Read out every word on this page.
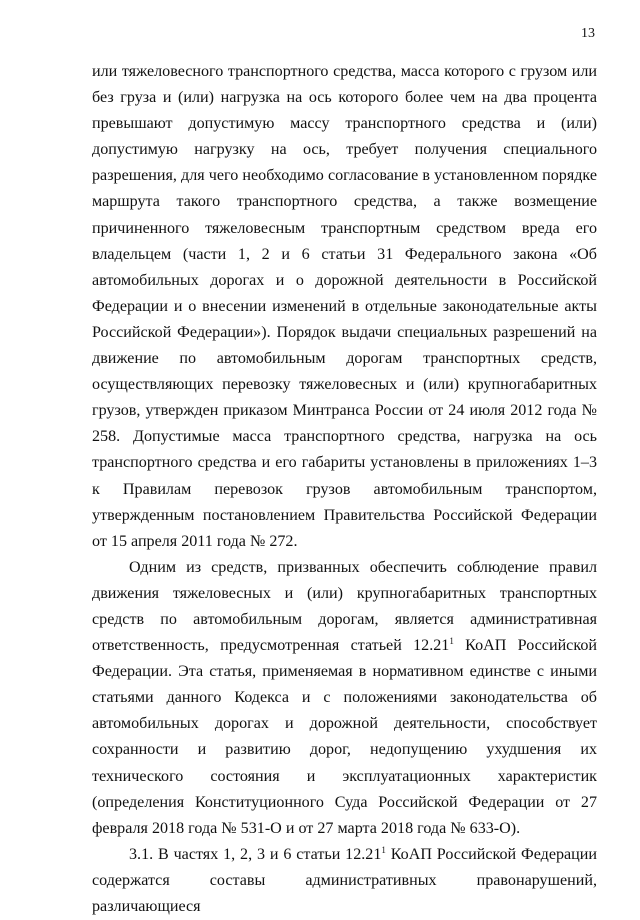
13

или тяжеловесного транспортного средства, масса которого с грузом или без груза и (или) нагрузка на ось которого более чем на два процента превышают допустимую массу транспортного средства и (или) допустимую нагрузку на ось, требует получения специального разрешения, для чего необходимо согласование в установленном порядке маршрута такого транспортного средства, а также возмещение причиненного тяжеловесным транспортным средством вреда его владельцем (части 1, 2 и 6 статьи 31 Федерального закона «Об автомобильных дорогах и о дорожной деятельности в Российской Федерации и о внесении изменений в отдельные законодательные акты Российской Федерации»). Порядок выдачи специальных разрешений на движение по автомобильным дорогам транспортных средств, осуществляющих перевозку тяжеловесных и (или) крупногабаритных грузов, утвержден приказом Минтранса России от 24 июля 2012 года № 258. Допустимые масса транспортного средства, нагрузка на ось транспортного средства и его габариты установлены в приложениях 1–3 к Правилам перевозок грузов автомобильным транспортом, утвержденным постановлением Правительства Российской Федерации от 15 апреля 2011 года № 272.

Одним из средств, призванных обеспечить соблюдение правил движения тяжеловесных и (или) крупногабаритных транспортных средств по автомобильным дорогам, является административная ответственность, предусмотренная статьей 12.21$^1$ КоАП Российской Федерации. Эта статья, применяемая в нормативном единстве с иными статьями данного Кодекса и с положениями законодательства об автомобильных дорогах и дорожной деятельности, способствует сохранности и развитию дорог, недопущению ухудшения их технического состояния и эксплуатационных характеристик (определения Конституционного Суда Российской Федерации от 27 февраля 2018 года № 531-О и от 27 марта 2018 года № 633-О).

3.1. В частях 1, 2, 3 и 6 статьи 12.21$^1$ КоАП Российской Федерации содержатся составы административных правонарушений, различающиеся
